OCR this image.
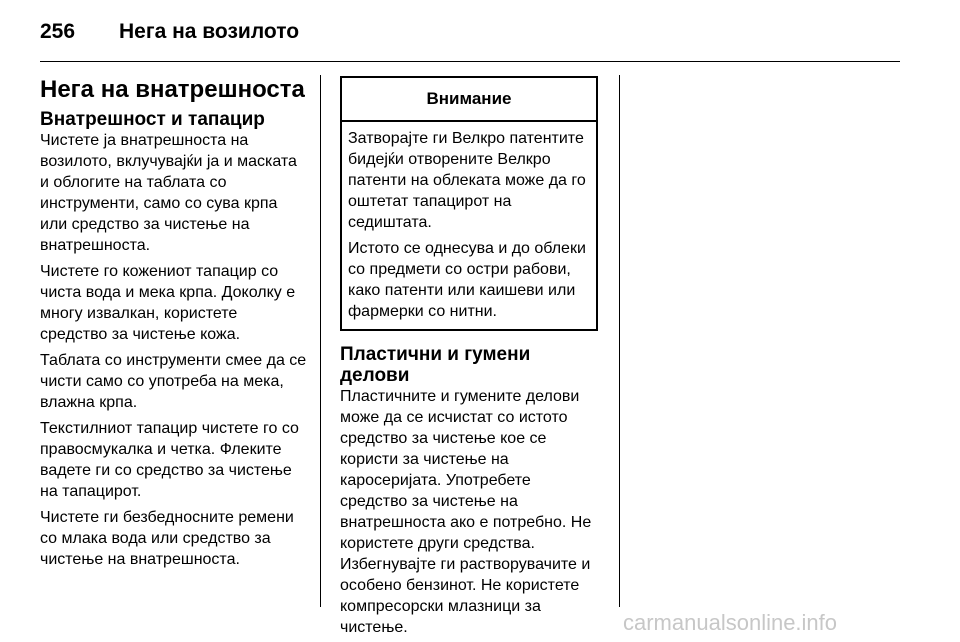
256 Нега на возилото
Нега на внатрешноста
Внатрешност и тапацир

Чистете ја внатрешноста на возилото, вклучувајќи ја и маската и облогите на таблата со инструменти, само со сува крпа или средство за чистење на внатрешноста.

Чистете го кожениот тапацир со чиста вода и мека крпа. Доколку е многу извалкан, користете средство за чистење кожа.

Таблата со инструменти смее да се чисти само со употреба на мека, влажна крпа.

Текстилниот тапацир чистете го со правосмукалка и четка. Флеките вадете ги со средство за чистење на тапацирот.

Чистете ги безбедносните ремени со млака вода или средство за чистење на внатрешноста.

Внимание

Затворајте ги Велкро патентите бидејќи отворените Велкро патенти на облеката може да го оштетат тапацирот на седиштата.

Истото се однесува и до облеки со предмети со остри рабови, како патенти или каишеви или фармерки со нитни.

Пластични и гумени делови

Пластичните и гумените делови може да се исчистат со истото средство за чистење кое се користи за чистење на каросеријата. Употребете средство за чистење на внатрешноста ако е потребно. Не користете други средства. Избегнувајте ги растворувачите и особено бензинот. Не користете компресорски млазници за чистење.	carmanualsonline.info
